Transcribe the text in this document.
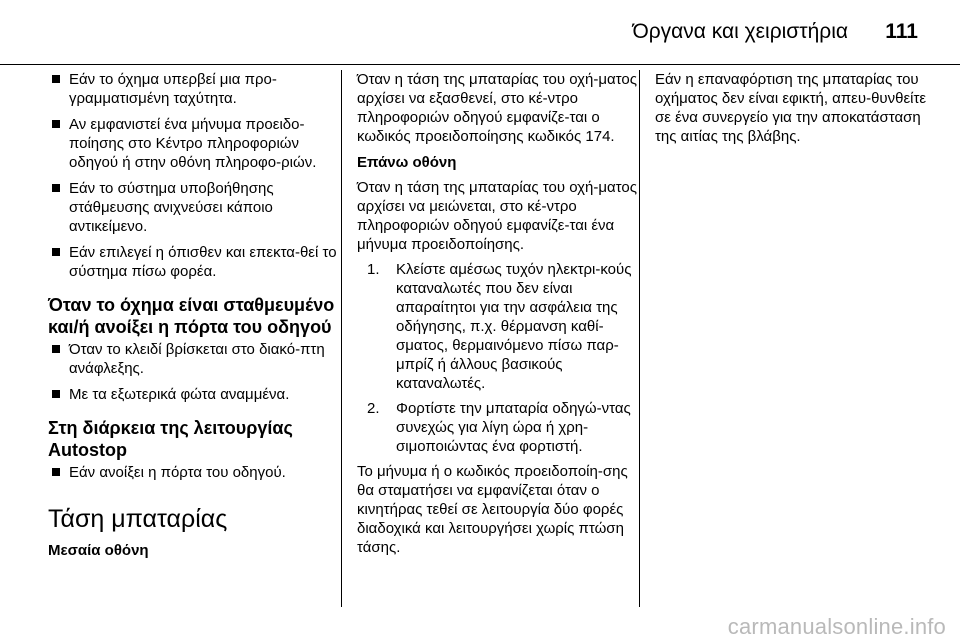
Όργανα και χειριστήρια 111
Εάν το όχημα υπερβεί μια προ-γραμματισμένη ταχύτητα.
Αν εμφανιστεί ένα μήνυμα προειδο-ποίησης στο Κέντρο πληροφοριών οδηγού ή στην οθόνη πληροφο-ριών.
Εάν το σύστημα υποβοήθησης στάθμευσης ανιχνεύσει κάποιο αντικείμενο.
Εάν επιλεγεί η όπισθεν και επεκτα-θεί το σύστημα πίσω φορέα.
Όταν το όχημα είναι σταθμευμένο και/ή ανοίξει η πόρτα του οδηγού
Όταν το κλειδί βρίσκεται στο διακό-πτη ανάφλεξης.
Με τα εξωτερικά φώτα αναμμένα.
Στη διάρκεια της λειτουργίας Autostop
Εάν ανοίξει η πόρτα του οδηγού.
Τάση μπαταρίας
Μεσαία οθόνη
Όταν η τάση της μπαταρίας του οχή-ματος αρχίσει να εξασθενεί, στο κέ-ντρο πληροφοριών οδηγού εμφανίζε-ται ο κωδικός προειδοποίησης κωδικός 174.
Επάνω οθόνη
Όταν η τάση της μπαταρίας του οχή-ματος αρχίσει να μειώνεται, στο κέ-ντρο πληροφοριών οδηγού εμφανίζε-ται ένα μήνυμα προειδοποίησης.
1. Κλείστε αμέσως τυχόν ηλεκτρι-κούς καταναλωτές που δεν είναι απαραίτητοι για την ασφάλεια της οδήγησης, π.χ. θέρμανση καθί-σματος, θερμαινόμενο πίσω παρ-μπρίζ ή άλλους βασικούς καταναλωτές.
2. Φορτίστε την μπαταρία οδηγώ-ντας συνεχώς για λίγη ώρα ή χρη-σιμοποιώντας ένα φορτιστή.
Το μήνυμα ή ο κωδικός προειδοποίη-σης θα σταματήσει να εμφανίζεται όταν ο κινητήρας τεθεί σε λειτουργία δύο φορές διαδοχικά και λειτουργήσει χωρίς πτώση τάσης.
Εάν η επαναφόρτιση της μπαταρίας του οχήματος δεν είναι εφικτή, απευ-θυνθείτε σε ένα συνεργείο για την αποκατάσταση της αιτίας της βλάβης.
carmanualsonline.info
